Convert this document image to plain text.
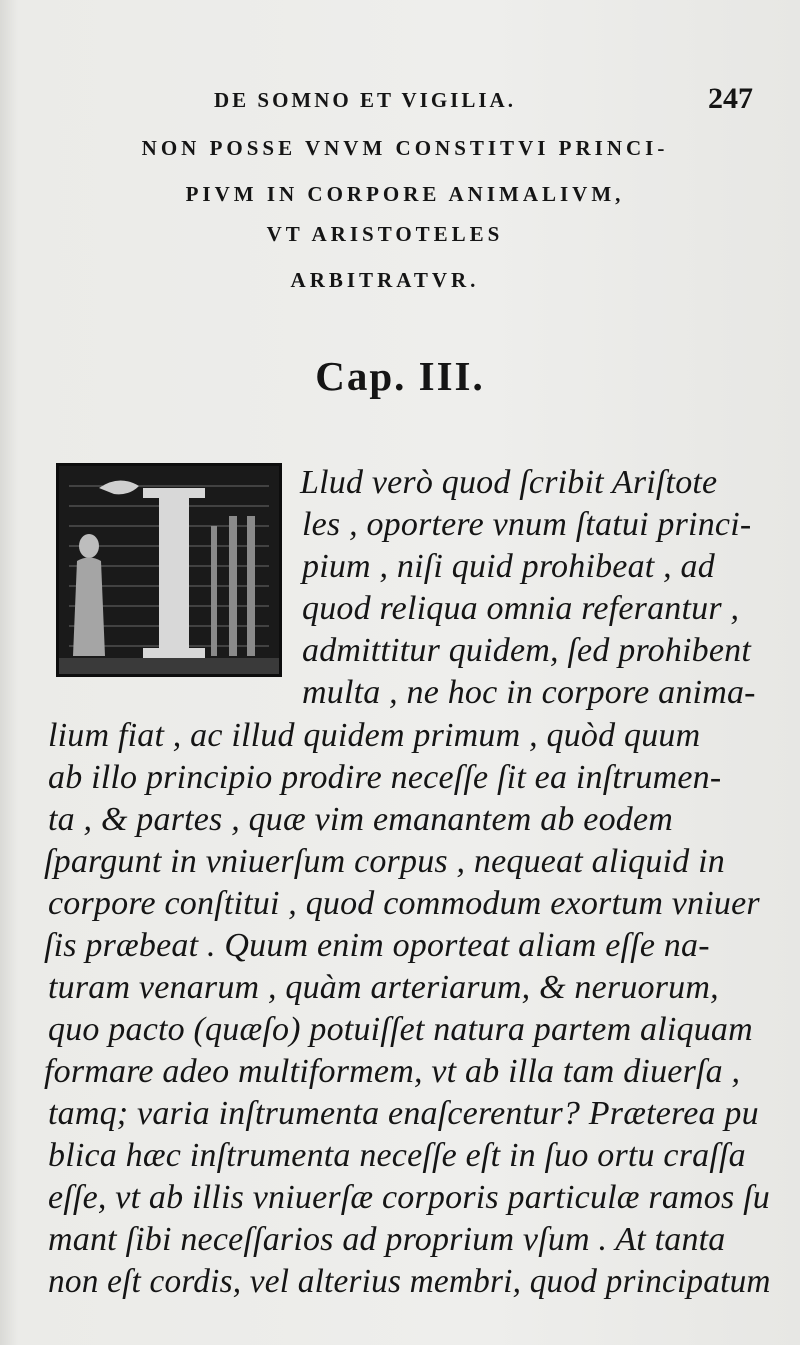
DE SOMNO ET VIGILIA.	247
NON POSSE VNVM CONSTITVI PRINCI-
PIVM IN CORPORE ANIMALIVM,
VT ARISTOTELES
ARBITRATVR.
Cap. III.
Llud verò quod ſcribit Ariſtote
les , oportere vnum ſtatui princi-
pium , niſi quid prohibeat , ad
quod reliqua omnia referantur ,
admittitur quidem, ſed prohibent
multa , ne hoc in corpore anima-
lium fiat , ac illud quidem primum , quòd quum
ab illo principio prodire neceſſe ſit ea inſtrumen-
ta , & partes , quæ vim emanantem ab eodem
ſpargunt in vniuerſum corpus , nequeat aliquid in
corpore conſtitui , quod commodum exortum vniuer
ſis præbeat . Quum enim oporteat aliam eſſe na-
turam venarum , quàm arteriarum, & neruorum,
quo pacto (quæſo) potuiſſet natura partem aliquam
formare adeo multiformem, vt ab illa tam diuerſa ,
tamq; varia inſtrumenta enaſcerentur? Præterea pu
blica hæc inſtrumenta neceſſe eſt in ſuo ortu craſſa
eſſe, vt ab illis vniuerſæ corporis particulæ ramos ſu
mant ſibi neceſſarios ad proprium vſum . At tanta
non eſt cordis, vel alterius membri, quod principatum
